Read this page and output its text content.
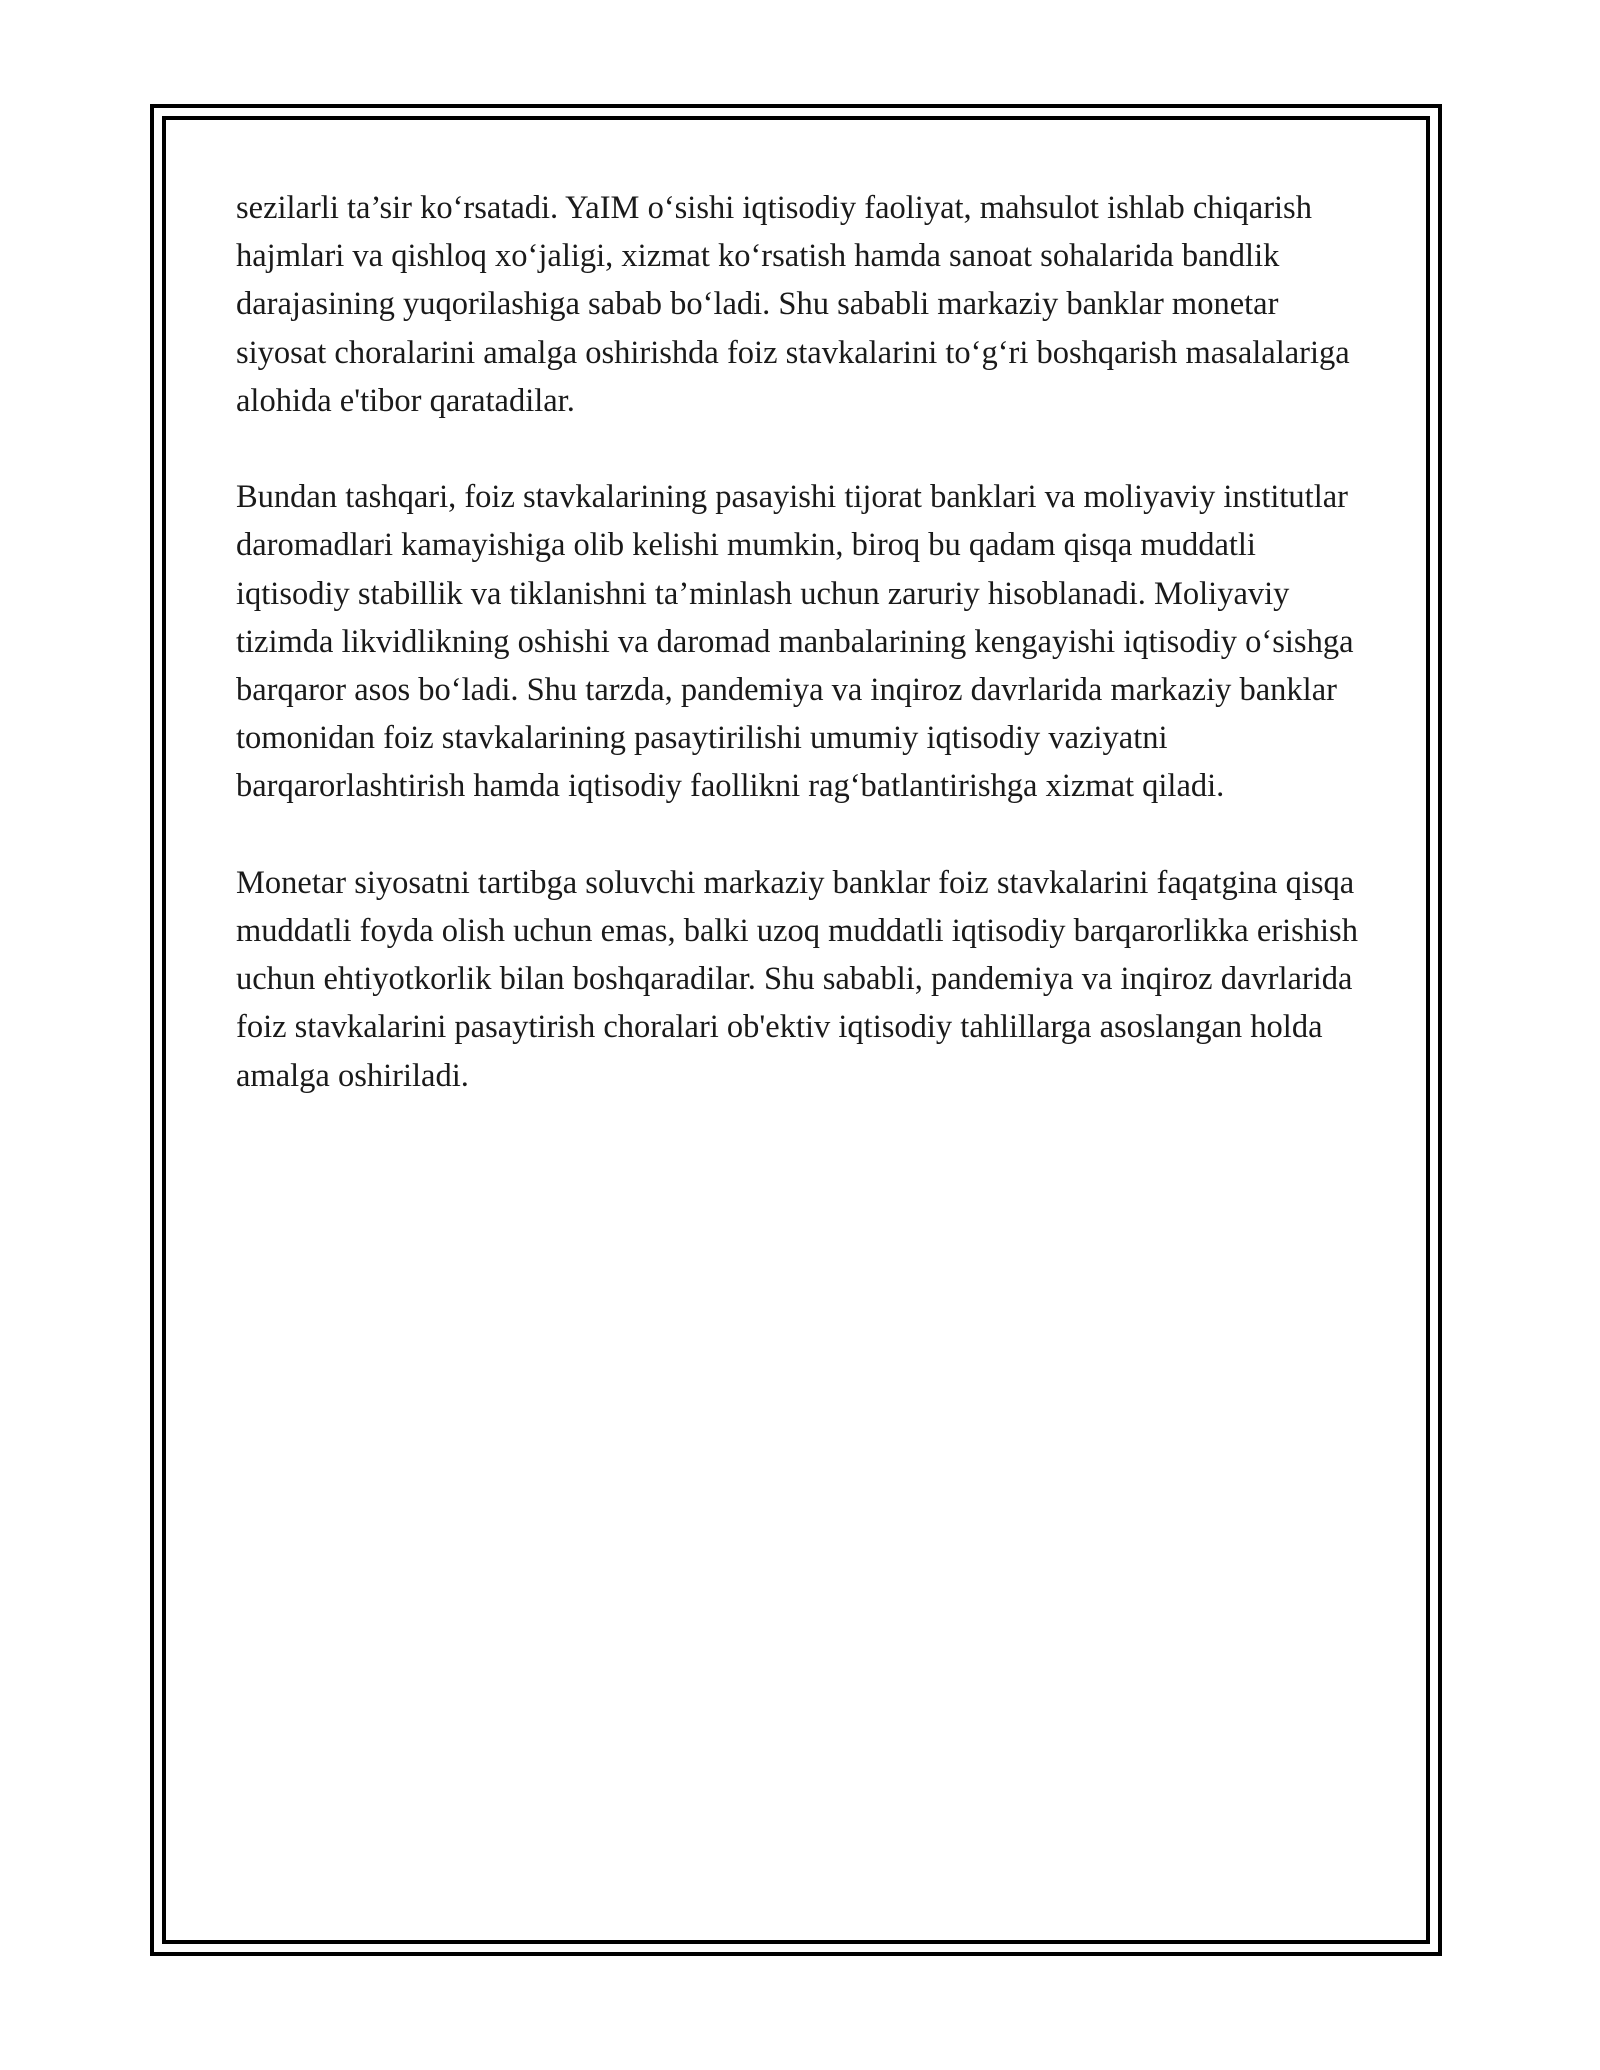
sezilarli ta’sir ko‘rsatadi. YaIM o‘sishi iqtisodiy faoliyat, mahsulot ishlab chiqarish hajmlari va qishloq xo‘jaligi, xizmat ko‘rsatish hamda sanoat sohalarida bandlik darajasining yuqorilashiga sabab bo‘ladi. Shu sababli markaziy banklar monetar siyosat choralarini amalga oshirishda foiz stavkalarini to‘g‘ri boshqarish masalalariga alohida e'tibor qaratadilar.

Bundan tashqari, foiz stavkalarining pasayishi tijorat banklari va moliyaviy institutlar daromadlari kamayishiga olib kelishi mumkin, biroq bu qadam qisqa muddatli iqtisodiy stabillik va tiklanishni ta’minlash uchun zaruriy hisoblanadi. Moliyaviy tizimda likvidlikning oshishi va daromad manbalarining kengayishi iqtisodiy o‘sishga barqaror asos bo‘ladi. Shu tarzda, pandemiya va inqiroz davrlarida markaziy banklar tomonidan foiz stavkalarining pasaytirilishi umumiy iqtisodiy vaziyatni barqarorlashtirish hamda iqtisodiy faollikni rag‘batlantirishga xizmat qiladi.

Monetar siyosatni tartibga soluvchi markaziy banklar foiz stavkalarini faqatgina qisqa muddatli foyda olish uchun emas, balki uzoq muddatli iqtisodiy barqarorlikka erishish uchun ehtiyotkorlik bilan boshqaradilar. Shu sababli, pandemiya va inqiroz davrlarida foiz stavkalarini pasaytirish choralari ob'ektiv iqtisodiy tahlillarga asoslangan holda amalga oshiriladi.
